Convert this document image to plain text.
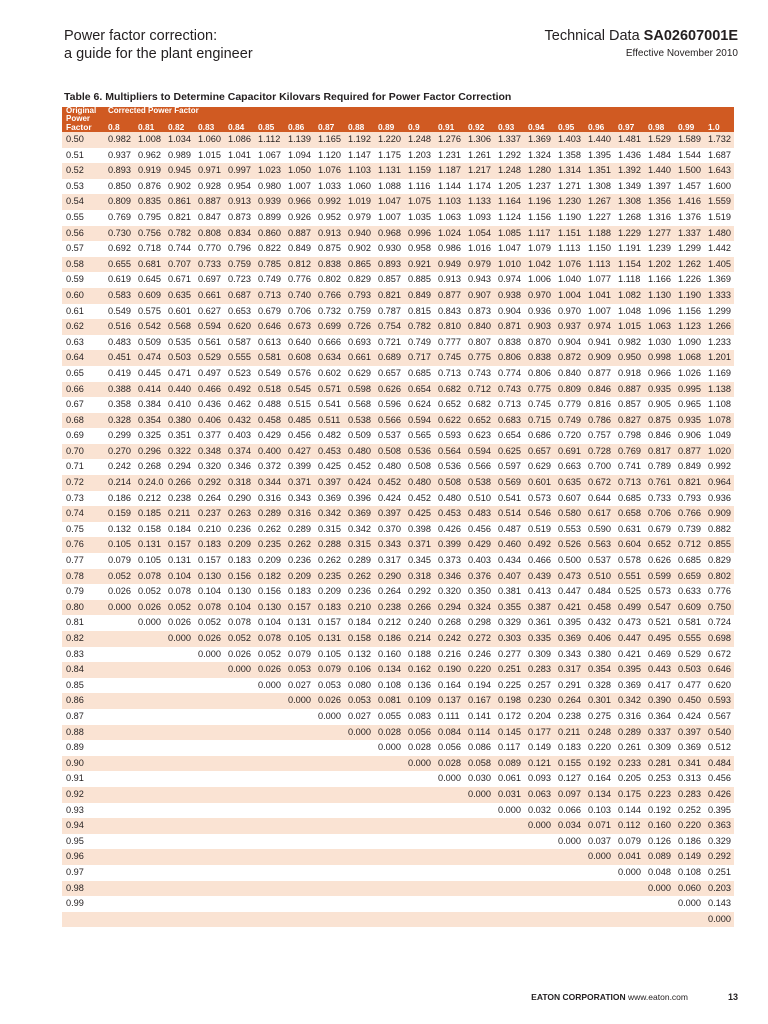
Power factor correction:
a guide for the plant engineer
Technical Data SA02607001E
Effective November 2010
Table 6. Multipliers to Determine Capacitor Kilovars Required for Power Factor Correction
Original	Corrected Power Factor																				
Power																					
Factor	0.8	0.81	0.82	0.83	0.84	0.85	0.86	0.87	0.88	0.89	0.9	0.91	0.92	0.93	0.94	0.95	0.96	0.97	0.98	0.99	1.0
0.50	0.982	1.008	1.034	1.060	1.086	1.112	1.139	1.165	1.192	1.220	1.248	1.276	1.306	1.337	1.369	1.403	1.440	1.481	1.529	1.589	1.732
0.51	0.937	0.962	0.989	1.015	1.041	1.067	1.094	1.120	1.147	1.175	1.203	1.231	1.261	1.292	1.324	1.358	1.395	1.436	1.484	1.544	1.687
0.52	0.893	0.919	0.945	0.971	0.997	1.023	1.050	1.076	1.103	1.131	1.159	1.187	1.217	1.248	1.280	1.314	1.351	1.392	1.440	1.500	1.643
0.53	0.850	0.876	0.902	0.928	0.954	0.980	1.007	1.033	1.060	1.088	1.116	1.144	1.174	1.205	1.237	1.271	1.308	1.349	1.397	1.457	1.600
0.54	0.809	0.835	0.861	0.887	0.913	0.939	0.966	0.992	1.019	1.047	1.075	1.103	1.133	1.164	1.196	1.230	1.267	1.308	1.356	1.416	1.559
0.55	0.769	0.795	0.821	0.847	0.873	0.899	0.926	0.952	0.979	1.007	1.035	1.063	1.093	1.124	1.156	1.190	1.227	1.268	1.316	1.376	1.519
0.56	0.730	0.756	0.782	0.808	0.834	0.860	0.887	0.913	0.940	0.968	0.996	1.024	1.054	1.085	1.117	1.151	1.188	1.229	1.277	1.337	1.480
0.57	0.692	0.718	0.744	0.770	0.796	0.822	0.849	0.875	0.902	0.930	0.958	0.986	1.016	1.047	1.079	1.113	1.150	1.191	1.239	1.299	1.442
0.58	0.655	0.681	0.707	0.733	0.759	0.785	0.812	0.838	0.865	0.893	0.921	0.949	0.979	1.010	1.042	1.076	1.113	1.154	1.202	1.262	1.405
0.59	0.619	0.645	0.671	0.697	0.723	0.749	0.776	0.802	0.829	0.857	0.885	0.913	0.943	0.974	1.006	1.040	1.077	1.118	1.166	1.226	1.369
0.60	0.583	0.609	0.635	0.661	0.687	0.713	0.740	0.766	0.793	0.821	0.849	0.877	0.907	0.938	0.970	1.004	1.041	1.082	1.130	1.190	1.333
0.61	0.549	0.575	0.601	0.627	0.653	0.679	0.706	0.732	0.759	0.787	0.815	0.843	0.873	0.904	0.936	0.970	1.007	1.048	1.096	1.156	1.299
0.62	0.516	0.542	0.568	0.594	0.620	0.646	0.673	0.699	0.726	0.754	0.782	0.810	0.840	0.871	0.903	0.937	0.974	1.015	1.063	1.123	1.266
0.63	0.483	0.509	0.535	0.561	0.587	0.613	0.640	0.666	0.693	0.721	0.749	0.777	0.807	0.838	0.870	0.904	0.941	0.982	1.030	1.090	1.233
0.64	0.451	0.474	0.503	0.529	0.555	0.581	0.608	0.634	0.661	0.689	0.717	0.745	0.775	0.806	0.838	0.872	0.909	0.950	0.998	1.068	1.201
0.65	0.419	0.445	0.471	0.497	0.523	0.549	0.576	0.602	0.629	0.657	0.685	0.713	0.743	0.774	0.806	0.840	0.877	0.918	0.966	1.026	1.169
0.66	0.388	0.414	0.440	0.466	0.492	0.518	0.545	0.571	0.598	0.626	0.654	0.682	0.712	0.743	0.775	0.809	0.846	0.887	0.935	0.995	1.138
0.67	0.358	0.384	0.410	0.436	0.462	0.488	0.515	0.541	0.568	0.596	0.624	0.652	0.682	0.713	0.745	0.779	0.816	0.857	0.905	0.965	1.108
0.68	0.328	0.354	0.380	0.406	0.432	0.458	0.485	0.511	0.538	0.566	0.594	0.622	0.652	0.683	0.715	0.749	0.786	0.827	0.875	0.935	1.078
0.69	0.299	0.325	0.351	0.377	0.403	0.429	0.456	0.482	0.509	0.537	0.565	0.593	0.623	0.654	0.686	0.720	0.757	0.798	0.846	0.906	1.049
0.70	0.270	0.296	0.322	0.348	0.374	0.400	0.427	0.453	0.480	0.508	0.536	0.564	0.594	0.625	0.657	0.691	0.728	0.769	0.817	0.877	1.020
0.71	0.242	0.268	0.294	0.320	0.346	0.372	0.399	0.425	0.452	0.480	0.508	0.536	0.566	0.597	0.629	0.663	0.700	0.741	0.789	0.849	0.992
0.72	0.214	0.24.0	0.266	0.292	0.318	0.344	0.371	0.397	0.424	0.452	0.480	0.508	0.538	0.569	0.601	0.635	0.672	0.713	0.761	0.821	0.964
0.73	0.186	0.212	0.238	0.264	0.290	0.316	0.343	0.369	0.396	0.424	0.452	0.480	0.510	0.541	0.573	0.607	0.644	0.685	0.733	0.793	0.936
0.74	0.159	0.185	0.211	0.237	0.263	0.289	0.316	0.342	0.369	0.397	0.425	0.453	0.483	0.514	0.546	0.580	0.617	0.658	0.706	0.766	0.909
0.75	0.132	0.158	0.184	0.210	0.236	0.262	0.289	0.315	0.342	0.370	0.398	0.426	0.456	0.487	0.519	0.553	0.590	0.631	0.679	0.739	0.882
0.76	0.105	0.131	0.157	0.183	0.209	0.235	0.262	0.288	0.315	0.343	0.371	0.399	0.429	0.460	0.492	0.526	0.563	0.604	0.652	0.712	0.855
0.77	0.079	0.105	0.131	0.157	0.183	0.209	0.236	0.262	0.289	0.317	0.345	0.373	0.403	0.434	0.466	0.500	0.537	0.578	0.626	0.685	0.829
0.78	0.052	0.078	0.104	0.130	0.156	0.182	0.209	0.235	0.262	0.290	0.318	0.346	0.376	0.407	0.439	0.473	0.510	0.551	0.599	0.659	0.802
0.79	0.026	0.052	0.078	0.104	0.130	0.156	0.183	0.209	0.236	0.264	0.292	0.320	0.350	0.381	0.413	0.447	0.484	0.525	0.573	0.633	0.776
0.80	0.000	0.026	0.052	0.078	0.104	0.130	0.157	0.183	0.210	0.238	0.266	0.294	0.324	0.355	0.387	0.421	0.458	0.499	0.547	0.609	0.750
0.81		0.000	0.026	0.052	0.078	0.104	0.131	0.157	0.184	0.212	0.240	0.268	0.298	0.329	0.361	0.395	0.432	0.473	0.521	0.581	0.724
0.82			0.000	0.026	0.052	0.078	0.105	0.131	0.158	0.186	0.214	0.242	0.272	0.303	0.335	0.369	0.406	0.447	0.495	0.555	0.698
0.83				0.000	0.026	0.052	0.079	0.105	0.132	0.160	0.188	0.216	0.246	0.277	0.309	0.343	0.380	0.421	0.469	0.529	0.672
0.84					0.000	0.026	0.053	0.079	0.106	0.134	0.162	0.190	0.220	0.251	0.283	0.317	0.354	0.395	0.443	0.503	0.646
0.85						0.000	0.027	0.053	0.080	0.108	0.136	0.164	0.194	0.225	0.257	0.291	0.328	0.369	0.417	0.477	0.620
0.86							0.000	0.026	0.053	0.081	0.109	0.137	0.167	0.198	0.230	0.264	0.301	0.342	0.390	0.450	0.593
0.87								0.000	0.027	0.055	0.083	0.111	0.141	0.172	0.204	0.238	0.275	0.316	0.364	0.424	0.567
0.88									0.000	0.028	0.056	0.084	0.114	0.145	0.177	0.211	0.248	0.289	0.337	0.397	0.540
0.89										0.000	0.028	0.056	0.086	0.117	0.149	0.183	0.220	0.261	0.309	0.369	0.512
0.90											0.000	0.028	0.058	0.089	0.121	0.155	0.192	0.233	0.281	0.341	0.484
0.91												0.000	0.030	0.061	0.093	0.127	0.164	0.205	0.253	0.313	0.456
0.92													0.000	0.031	0.063	0.097	0.134	0.175	0.223	0.283	0.426
0.93														0.000	0.032	0.066	0.103	0.144	0.192	0.252	0.395
0.94															0.000	0.034	0.071	0.112	0.160	0.220	0.363
0.95																0.000	0.037	0.079	0.126	0.186	0.329
0.96																	0.000	0.041	0.089	0.149	0.292
0.97																		0.000	0.048	0.108	0.251
0.98																			0.000	0.060	0.203
0.99																				0.000	0.143
																					0.000
EATON CORPORATION www.eaton.com	13
